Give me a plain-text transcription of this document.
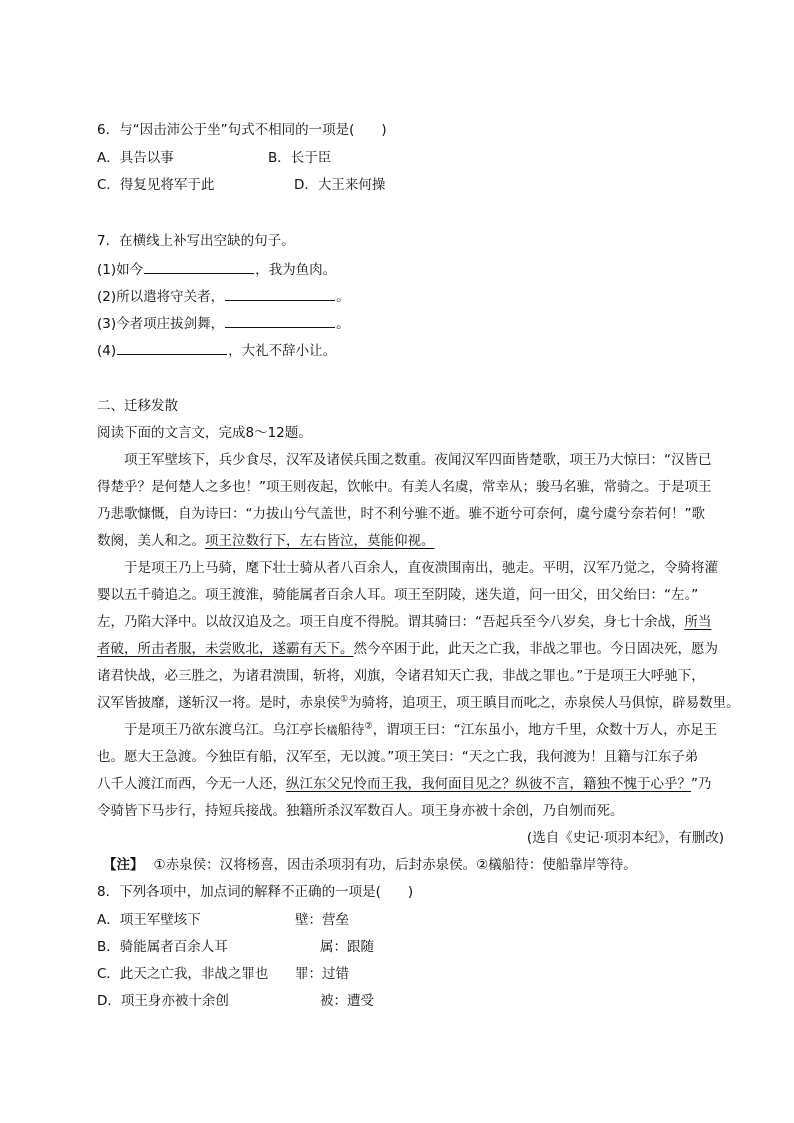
6．与“因击沛公于坐”句式不相同的一项是(　　)
A．具告以事	B．长于臣
C．得复见将军于此	D．大王来何操
7．在横线上补写出空缺的句子。
(1)如今	，我为鱼肉。
(2)所以遣将守关者，	。
(3)今者项庄拔剑舞，	。
(4)	，大礼不辞小让。
二、迁移发散
阅读下面的文言文，完成8～12题。
项王军壁垓下，兵少食尽，汉军及诸侯兵围之数重。夜闻汉军四面皆楚歌，项王乃大惊曰：“汉皆已
得楚乎？是何楚人之多也！”项王则夜起，饮帐中。有美人名虞，常幸从；骏马名骓，常骑之。于是项王
乃悲歌慷慨，自为诗曰：“力拔山兮气盖世，时不利兮骓不逝。骓不逝兮可奈何，虞兮虞兮奈若何！”歌
数阕，美人和之。项王泣数行下，左右皆泣，莫能仰视。
于是项王乃上马骑，麾下壮士骑从者八百余人，直夜溃围南出，驰走。平明，汉军乃觉之，令骑将灌
婴以五千骑追之。项王渡淮，骑能属者百余人耳。项王至阴陵，迷失道，问一田父，田父绐曰：“左。”
左，乃陷大泽中。以故汉追及之。项王自度不得脱。谓其骑曰：“吾起兵至今八岁矣，身七十余战，所当
者破，所击者服，未尝败北，遂霸有天下。然今卒困于此，此天之亡我，非战之罪也。今日固决死，愿为
诸君快战，必三胜之，为诸君溃围，斩将，刈旗，令诸君知天亡我，非战之罪也。”于是项王大呼驰下，
汉军皆披靡，遂斩汉一将。是时，赤泉侯①为骑将，追项王，项王瞋目而叱之，赤泉侯人马俱惊，辟易数里。
于是项王乃欲东渡乌江。乌江亭长檥船待②，谓项王曰：“江东虽小，地方千里，众数十万人，亦足王
也。愿大王急渡。今独臣有船，汉军至，无以渡。”项王笑曰：“天之亡我，我何渡为！且籍与江东子弟
八千人渡江而西，今无一人还，纵江东父兄怜而王我，我何面目见之？纵彼不言，籍独不愧于心乎？”乃
令骑皆下马步行，持短兵接战。独籍所杀汉军数百人。项王身亦被十余创，乃自刎而死。
(选自《史记·项羽本纪》，有删改)
【注】 ①赤泉侯：汉将杨喜，因击杀项羽有功，后封赤泉侯。②檥船待：使船靠岸等待。
8．下列各项中，加点词的解释不正确的一项是(　　)
A．项王军壁垓下	壁：营垒
B．骑能属者百余人耳	属：跟随
C．此天之亡我，非战之罪也 罪：过错
D．项王身亦被十余创	被：遭受
